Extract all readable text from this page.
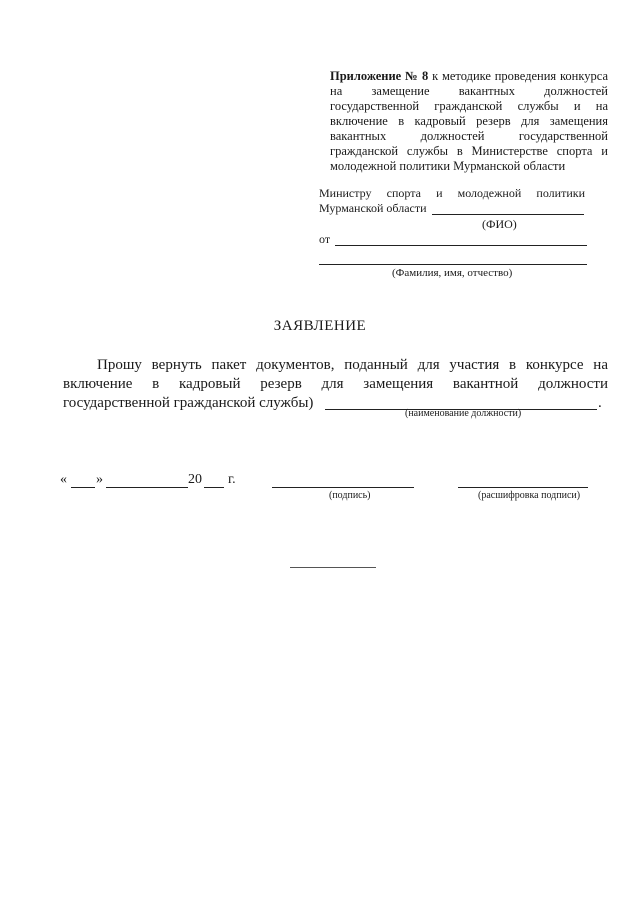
Приложение № 8 к методике проведения конкурса на замещение вакантных должностей государственной гражданской службы и на включение в кадровый резерв для замещения вакантных должностей государственной гражданской службы в Министерстве спорта и молодежной политики Мурманской области
Министру спорта и молодежной политики
Мурманской области
(ФИО)
от
(Фамилия, имя, отчество)
ЗАЯВЛЕНИЕ
Прошу вернуть пакет документов, поданный для участия в конкурсе на
включение в кадровый резерв для замещения вакантной должности
государственной гражданской службы)	.
(наименование должности)
« »	20 г.
(подпись)	(расшифровка подписи)
